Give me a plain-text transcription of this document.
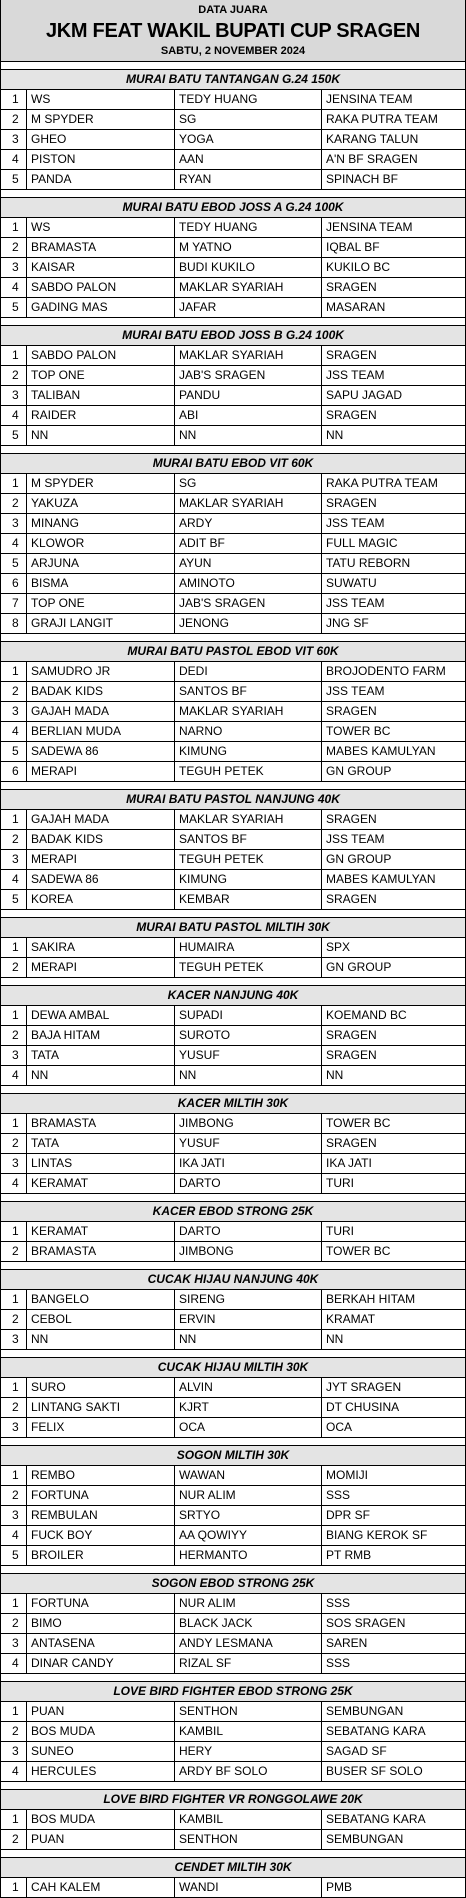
DATA JUARA
JKM FEAT WAKIL BUPATI CUP SRAGEN
SABTU, 2 NOVEMBER 2024
MURAI BATU TANTANGAN G.24 150K
1	WS	TEDY HUANG	JENSINA TEAM
2	M SPYDER	SG	RAKA PUTRA TEAM
3	GHEO	YOGA	KARANG TALUN
4	PISTON	AAN	A'N BF SRAGEN
5	PANDA	RYAN	SPINACH BF
MURAI BATU EBOD JOSS A G.24 100K
1	WS	TEDY HUANG	JENSINA TEAM
2	BRAMASTA	M YATNO	IQBAL BF
3	KAISAR	BUDI KUKILO	KUKILO BC
4	SABDO PALON	MAKLAR SYARIAH	SRAGEN
5	GADING MAS	JAFAR	MASARAN
MURAI BATU EBOD JOSS B G.24 100K
1	SABDO PALON	MAKLAR SYARIAH	SRAGEN
2	TOP ONE	JAB'S SRAGEN	JSS TEAM
3	TALIBAN	PANDU	SAPU JAGAD
4	RAIDER	ABI	SRAGEN
5	NN	NN	NN
MURAI BATU EBOD VIT 60K
1	M SPYDER	SG	RAKA PUTRA TEAM
2	YAKUZA	MAKLAR SYARIAH	SRAGEN
3	MINANG	ARDY	JSS TEAM
4	KLOWOR	ADIT BF	FULL MAGIC
5	ARJUNA	AYUN	TATU REBORN
6	BISMA	AMINOTO	SUWATU
7	TOP ONE	JAB'S SRAGEN	JSS TEAM
8	GRAJI LANGIT	JENONG	JNG SF
MURAI BATU PASTOL EBOD VIT 60K
1	SAMUDRO JR	DEDI	BROJODENTO FARM
2	BADAK KIDS	SANTOS BF	JSS TEAM
3	GAJAH MADA	MAKLAR SYARIAH	SRAGEN
4	BERLIAN MUDA	NARNO	TOWER BC
5	SADEWA 86	KIMUNG	MABES KAMULYAN
6	MERAPI	TEGUH PETEK	GN GROUP
MURAI BATU PASTOL NANJUNG 40K
1	GAJAH MADA	MAKLAR SYARIAH	SRAGEN
2	BADAK KIDS	SANTOS BF	JSS TEAM
3	MERAPI	TEGUH PETEK	GN GROUP
4	SADEWA 86	KIMUNG	MABES KAMULYAN
5	KOREA	KEMBAR	SRAGEN
MURAI BATU PASTOL MILTIH 30K
1	SAKIRA	HUMAIRA	SPX
2	MERAPI	TEGUH PETEK	GN GROUP
KACER NANJUNG 40K
1	DEWA AMBAL	SUPADI	KOEMAND BC
2	BAJA HITAM	SUROTO	SRAGEN
3	TATA	YUSUF	SRAGEN
4	NN	NN	NN
KACER MILTIH 30K
1	BRAMASTA	JIMBONG	TOWER BC
2	TATA	YUSUF	SRAGEN
3	LINTAS	IKA JATI	IKA JATI
4	KERAMAT	DARTO	TURI
KACER EBOD STRONG 25K
1	KERAMAT	DARTO	TURI
2	BRAMASTA	JIMBONG	TOWER BC
CUCAK HIJAU NANJUNG 40K
1	BANGELO	SIRENG	BERKAH HITAM
2	CEBOL	ERVIN	KRAMAT
3	NN	NN	NN
CUCAK HIJAU MILTIH 30K
1	SURO	ALVIN	JYT SRAGEN
2	LINTANG SAKTI	KJRT	DT CHUSINA
3	FELIX	OCA	OCA
SOGON MILTIH 30K
1	REMBO	WAWAN	MOMIJI
2	FORTUNA	NUR ALIM	SSS
3	REMBULAN	SRTYO	DPR SF
4	FUCK BOY	AA QOWIYY	BIANG KEROK SF
5	BROILER	HERMANTO	PT RMB
SOGON EBOD STRONG 25K
1	FORTUNA	NUR ALIM	SSS
2	BIMO	BLACK JACK	SOS SRAGEN
3	ANTASENA	ANDY LESMANA	SAREN
4	DINAR CANDY	RIZAL SF	SSS
LOVE BIRD FIGHTER EBOD STRONG 25K
1	PUAN	SENTHON	SEMBUNGAN
2	BOS MUDA	KAMBIL	SEBATANG KARA
3	SUNEO	HERY	SAGAD SF
4	HERCULES	ARDY BF SOLO	BUSER SF SOLO
LOVE BIRD FIGHTER VR RONGGOLAWE 20K
1	BOS MUDA	KAMBIL	SEBATANG KARA
2	PUAN	SENTHON	SEMBUNGAN
CENDET MILTIH 30K
1	CAH KALEM	WANDI	PMB
